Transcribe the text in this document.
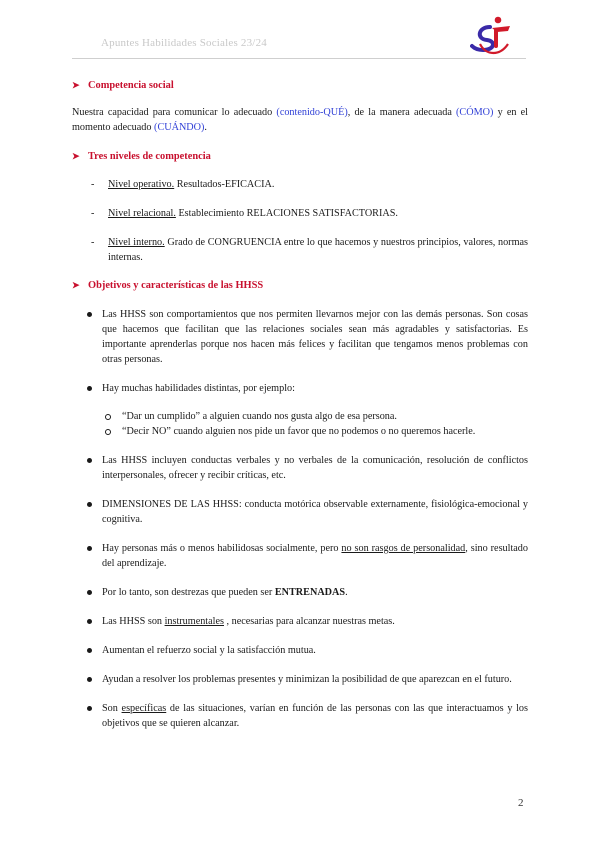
Apuntes Habilidades Sociales 23/24
➤ Competencia social

Nuestra capacidad para comunicar lo adecuado (contenido-QUÉ), de la manera adecuada (CÓMO) y en el momento adecuado (CUÁNDO).

➤ Tres niveles de competencia
- Nivel operativo. Resultados-EFICACIA.
- Nivel relacional. Establecimiento RELACIONES SATISFACTORIAS.
- Nivel interno. Grado de CONGRUENCIA entre lo que hacemos y nuestros principios, valores, normas internas.
➤ Objetivos y características de las HHSS
Las HHSS son comportamientos que nos permiten llevarnos mejor con las demás personas. Son cosas que hacemos que facilitan que las relaciones sociales sean más agradables y satisfactorias. Es importante aprenderlas porque nos hacen más felices y facilitan que tengamos menos problemas con otras personas.
Hay muchas habilidades distintas, por ejemplo:
“Dar un cumplido” a alguien cuando nos gusta algo de esa persona.
“Decir NO” cuando alguien nos pide un favor que no podemos o no queremos hacerle.
Las HHSS incluyen conductas verbales y no verbales de la comunicación, resolución de conflictos interpersonales, ofrecer y recibir críticas, etc.
DIMENSIONES DE LAS HHSS: conducta motórica observable externamente, fisiológica-emocional y cognitiva.
Hay personas más o menos habilidosas socialmente, pero no son rasgos de personalidad, sino resultado del aprendizaje.
Por lo tanto, son destrezas que pueden ser ENTRENADAS.
Las HHSS son instrumentales , necesarias para alcanzar nuestras metas.
Aumentan el refuerzo social y la satisfacción mutua.
Ayudan a resolver los problemas presentes y minimizan la posibilidad de que aparezcan en el futuro.
Son específicas de las situaciones, varían en función de las personas con las que interactuamos y los objetivos que se quieren alcanzar.
2
